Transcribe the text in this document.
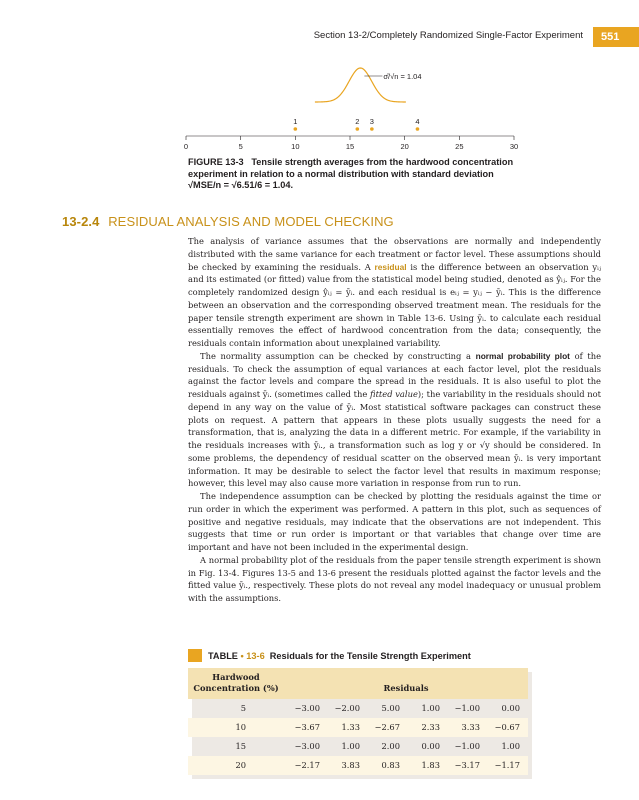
Section 13-2/Completely Randomized Single-Factor Experiment	551
σ̂/√n = 1.04
1	2 3	4
0	5	10	15	20	25	30
FIGURE 13-3 Tensile strength averages from the hardwood concentration experiment in relation to a normal distribution with standard deviation
√MSE/n = √6.51/6 = 1.04.
13-2.4 RESIDUAL ANALYSIS AND MODEL CHECKING

The analysis of variance assumes that the observations are normally and independently distributed with the same variance for each treatment or factor level. These assumptions should be checked by examining the residuals. A residual is the difference between an observation yᵢⱼ and its estimated (or fitted) value from the statistical model being studied, denoted as ŷᵢⱼ. For the completely randomized design ŷᵢⱼ = ȳᵢ. and each residual is eᵢⱼ = yᵢⱼ − ȳᵢ. This is the difference between an observation and the corresponding observed treatment mean. The residuals for the paper tensile strength experiment are shown in Table 13-6. Using ȳᵢ. to calculate each residual essentially removes the effect of hardwood concentration from the data; consequently, the residuals contain information about unexplained variability.

The normality assumption can be checked by constructing a normal probability plot of the residuals. To check the assumption of equal variances at each factor level, plot the residuals against the factor levels and compare the spread in the residuals. It is also useful to plot the residuals against ȳᵢ. (sometimes called the fitted value); the variability in the residuals should not depend in any way on the value of ȳᵢ. Most statistical software packages can construct these plots on request. A pattern that appears in these plots usually suggests the need for a transformation, that is, analyzing the data in a different metric. For example, if the variability in the residuals increases with ȳᵢ., a transformation such as log y or √y should be considered. In some problems, the dependency of residual scatter on the observed mean ȳᵢ. is very important information. It may be desirable to select the factor level that results in maximum response; however, this level may also cause more variation in response from run to run.

The independence assumption can be checked by plotting the residuals against the time or run order in which the experiment was performed. A pattern in this plot, such as sequences of positive and negative residuals, may indicate that the observations are not independent. This suggests that time or run order is important or that variables that change over time are important and have not been included in the experimental design.

A normal probability plot of the residuals from the paper tensile strength experiment is shown in Fig. 13-4. Figures 13-5 and 13-6 present the residuals plotted against the factor levels and the fitted value ȳᵢ., respectively. These plots do not reveal any model inadequacy or unusual problem with the assumptions.

TABLE • 13-6 Residuals for the Tensile Strength Experiment
Hardwood
Concentration (%)	Residuals
5	−3.00	−2.00	5.00	1.00	−1.00	0.00
10	−3.67	1.33	−2.67	2.33	3.33	−0.67
15	−3.00	1.00	2.00	0.00	−1.00	1.00
20	−2.17	3.83	0.83	1.83	−3.17	−1.17
